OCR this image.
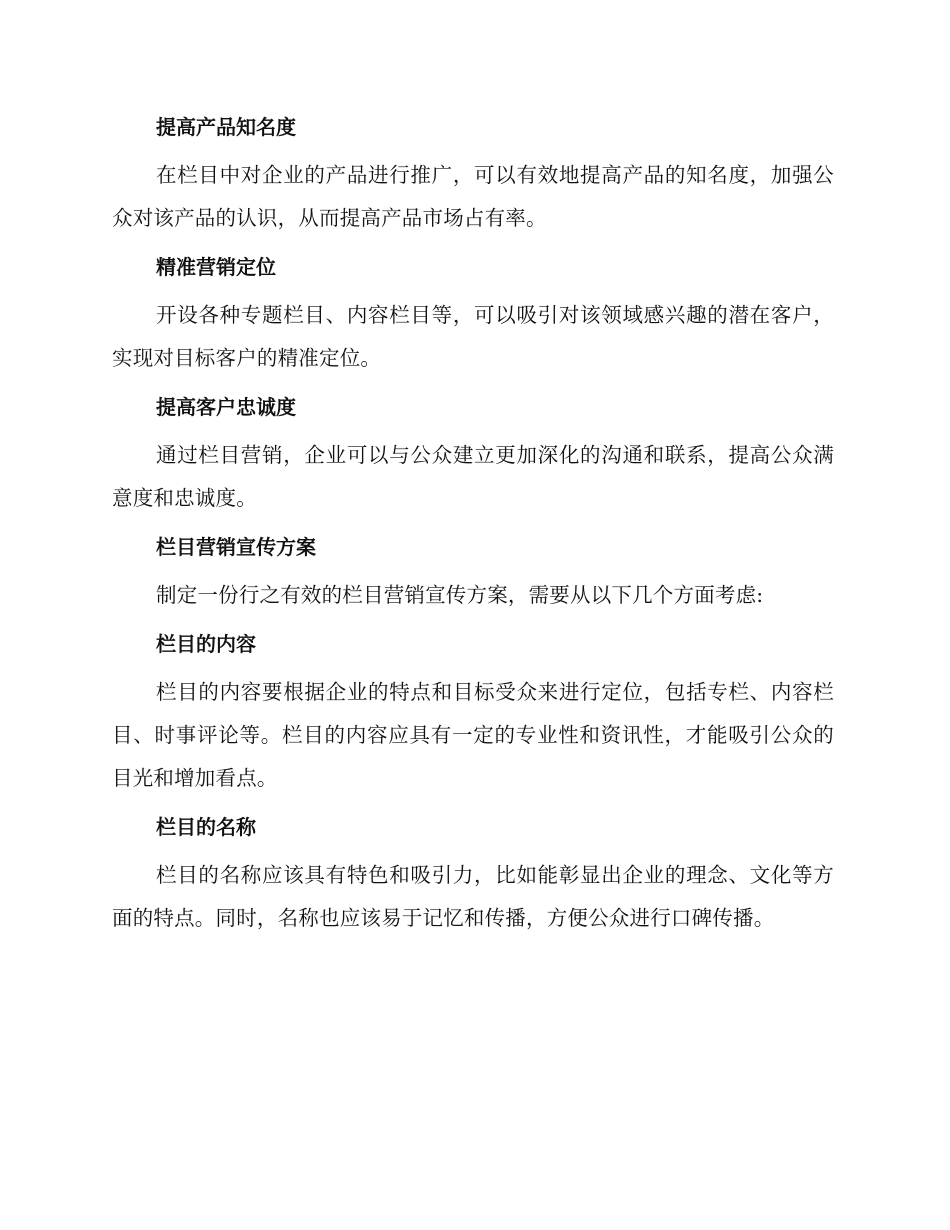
提高产品知名度

在栏目中对企业的产品进行推广，可以有效地提高产品的知名度，加强公众对该产品的认识，从而提高产品市场占有率。

精准营销定位

开设各种专题栏目、内容栏目等，可以吸引对该领域感兴趣的潜在客户，实现对目标客户的精准定位。

提高客户忠诚度

通过栏目营销，企业可以与公众建立更加深化的沟通和联系，提高公众满意度和忠诚度。

栏目营销宣传方案

制定一份行之有效的栏目营销宣传方案，需要从以下几个方面考虑:

栏目的内容

栏目的内容要根据企业的特点和目标受众来进行定位，包括专栏、内容栏目、时事评论等。栏目的内容应具有一定的专业性和资讯性，才能吸引公众的目光和增加看点。

栏目的名称

栏目的名称应该具有特色和吸引力，比如能彰显出企业的理念、文化等方面的特点。同时，名称也应该易于记忆和传播，方便公众进行口碑传播。
